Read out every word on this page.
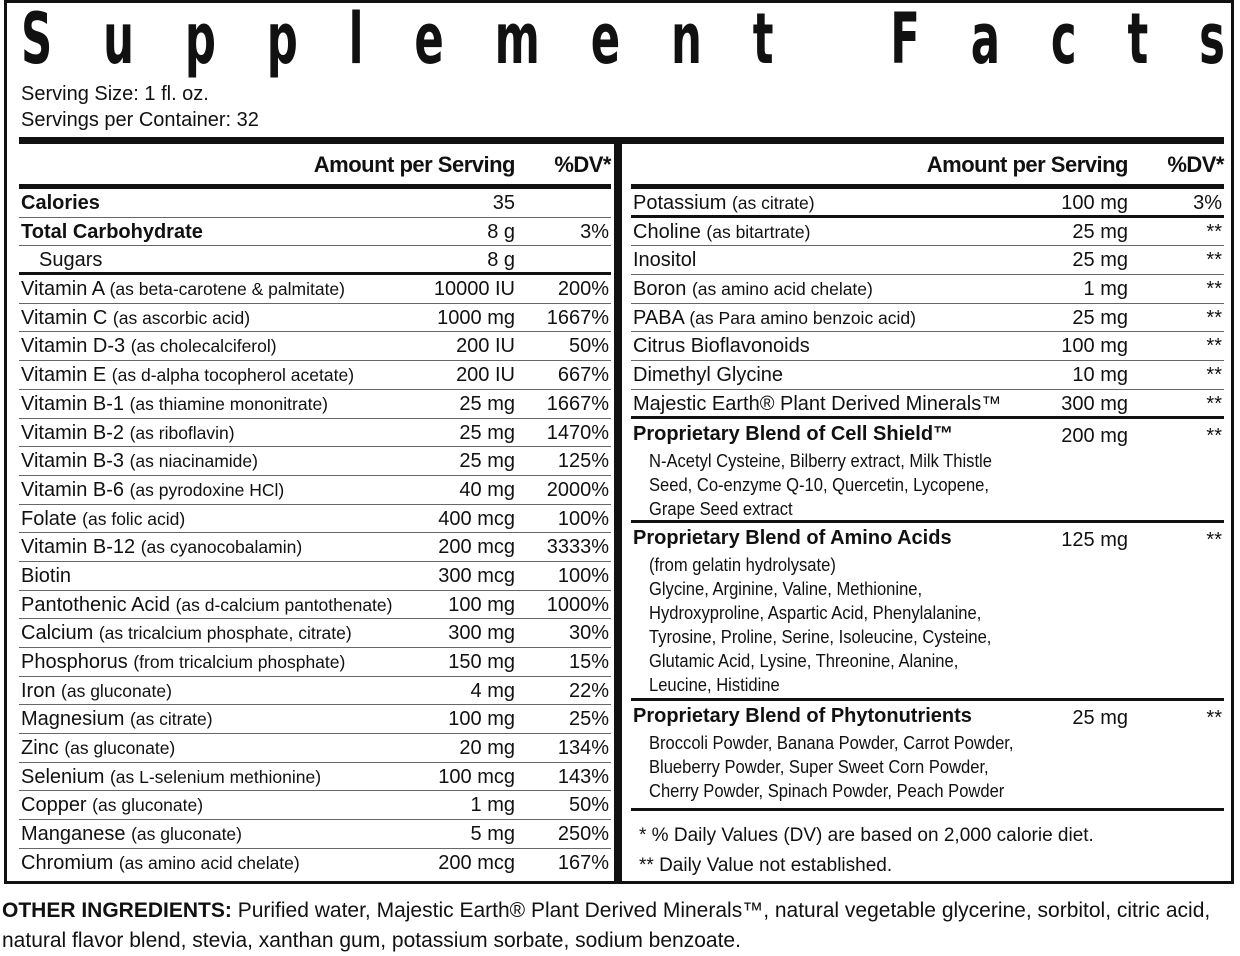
S u p p l e m e n t
F a c t s
Serving Size: 1 fl. oz.
Servings per Container: 32
Amount per Serving %DV*
Calories	35
Total Carbohydrate	8 g	3%
Sugars	8 g
Vitamin A (as beta-carotene & palmitate)	10000 IU 200%
Vitamin C (as ascorbic acid)	1000 mg 1667%
Vitamin D-3 (as cholecalciferol)	200 IU	50%
Vitamin E (as d-alpha tocopherol acetate)	200 IU 667%
Vitamin B-1 (as thiamine mononitrate)	25 mg 1667%
Vitamin B-2 (as riboflavin)	25 mg 1470%
Vitamin B-3 (as niacinamide)	25 mg 125%
Vitamin B-6 (as pyrodoxine HCl)	40 mg 2000%
Folate (as folic acid)	400 mcg 100%
Vitamin B-12 (as cyanocobalamin)	200 mcg 3333%
Biotin	300 mcg 100%
Pantothenic Acid (as d-calcium pantothenate)	100 mg 1000%
Calcium (as tricalcium phosphate, citrate)	300 mg	30%
Phosphorus (from tricalcium phosphate)	150 mg	15%
Iron (as gluconate)	4 mg	22%
Magnesium (as citrate)	100 mg	25%
Zinc (as gluconate)	20 mg 134%
Selenium (as L-selenium methionine)	100 mcg 143%
Copper (as gluconate)	1 mg	50%
Manganese (as gluconate)	5 mg 250%
Chromium (as amino acid chelate)	200 mcg 167%
Amount per Serving %DV*
Potassium (as citrate)	100 mg	3%
Choline (as bitartrate)	25 mg	**
Inositol	25 mg	**
Boron (as amino acid chelate)	1 mg	**
PABA (as Para amino benzoic acid)	25 mg	**
Citrus Bioflavonoids	100 mg	**
Dimethyl Glycine	10 mg	**
Majestic Earth® Plant Derived Minerals™	300 mg	**
Proprietary Blend of Cell Shield™	200 mg	**
N-Acetyl Cysteine, Bilberry extract, Milk Thistle
Seed, Co-enzyme Q-10, Quercetin, Lycopene,
Grape Seed extract
Proprietary Blend of Amino Acids	125 mg	**
(from gelatin hydrolysate)
Glycine, Arginine, Valine, Methionine,
Hydroxyproline, Aspartic Acid, Phenylalanine,
Tyrosine, Proline, Serine, Isoleucine, Cysteine,
Glutamic Acid, Lysine, Threonine, Alanine,
Leucine, Histidine
Proprietary Blend of Phytonutrients	25 mg	**
Broccoli Powder, Banana Powder, Carrot Powder,
Blueberry Powder, Super Sweet Corn Powder,
Cherry Powder, Spinach Powder, Peach Powder
* % Daily Values (DV) are based on 2,000 calorie diet.
** Daily Value not established.
OTHER INGREDIENTS: Purified water, Majestic Earth® Plant Derived Minerals™, natural vegetable glycerine, sorbitol, citric acid, natural flavor blend, stevia, xanthan gum, potassium sorbate, sodium benzoate.
